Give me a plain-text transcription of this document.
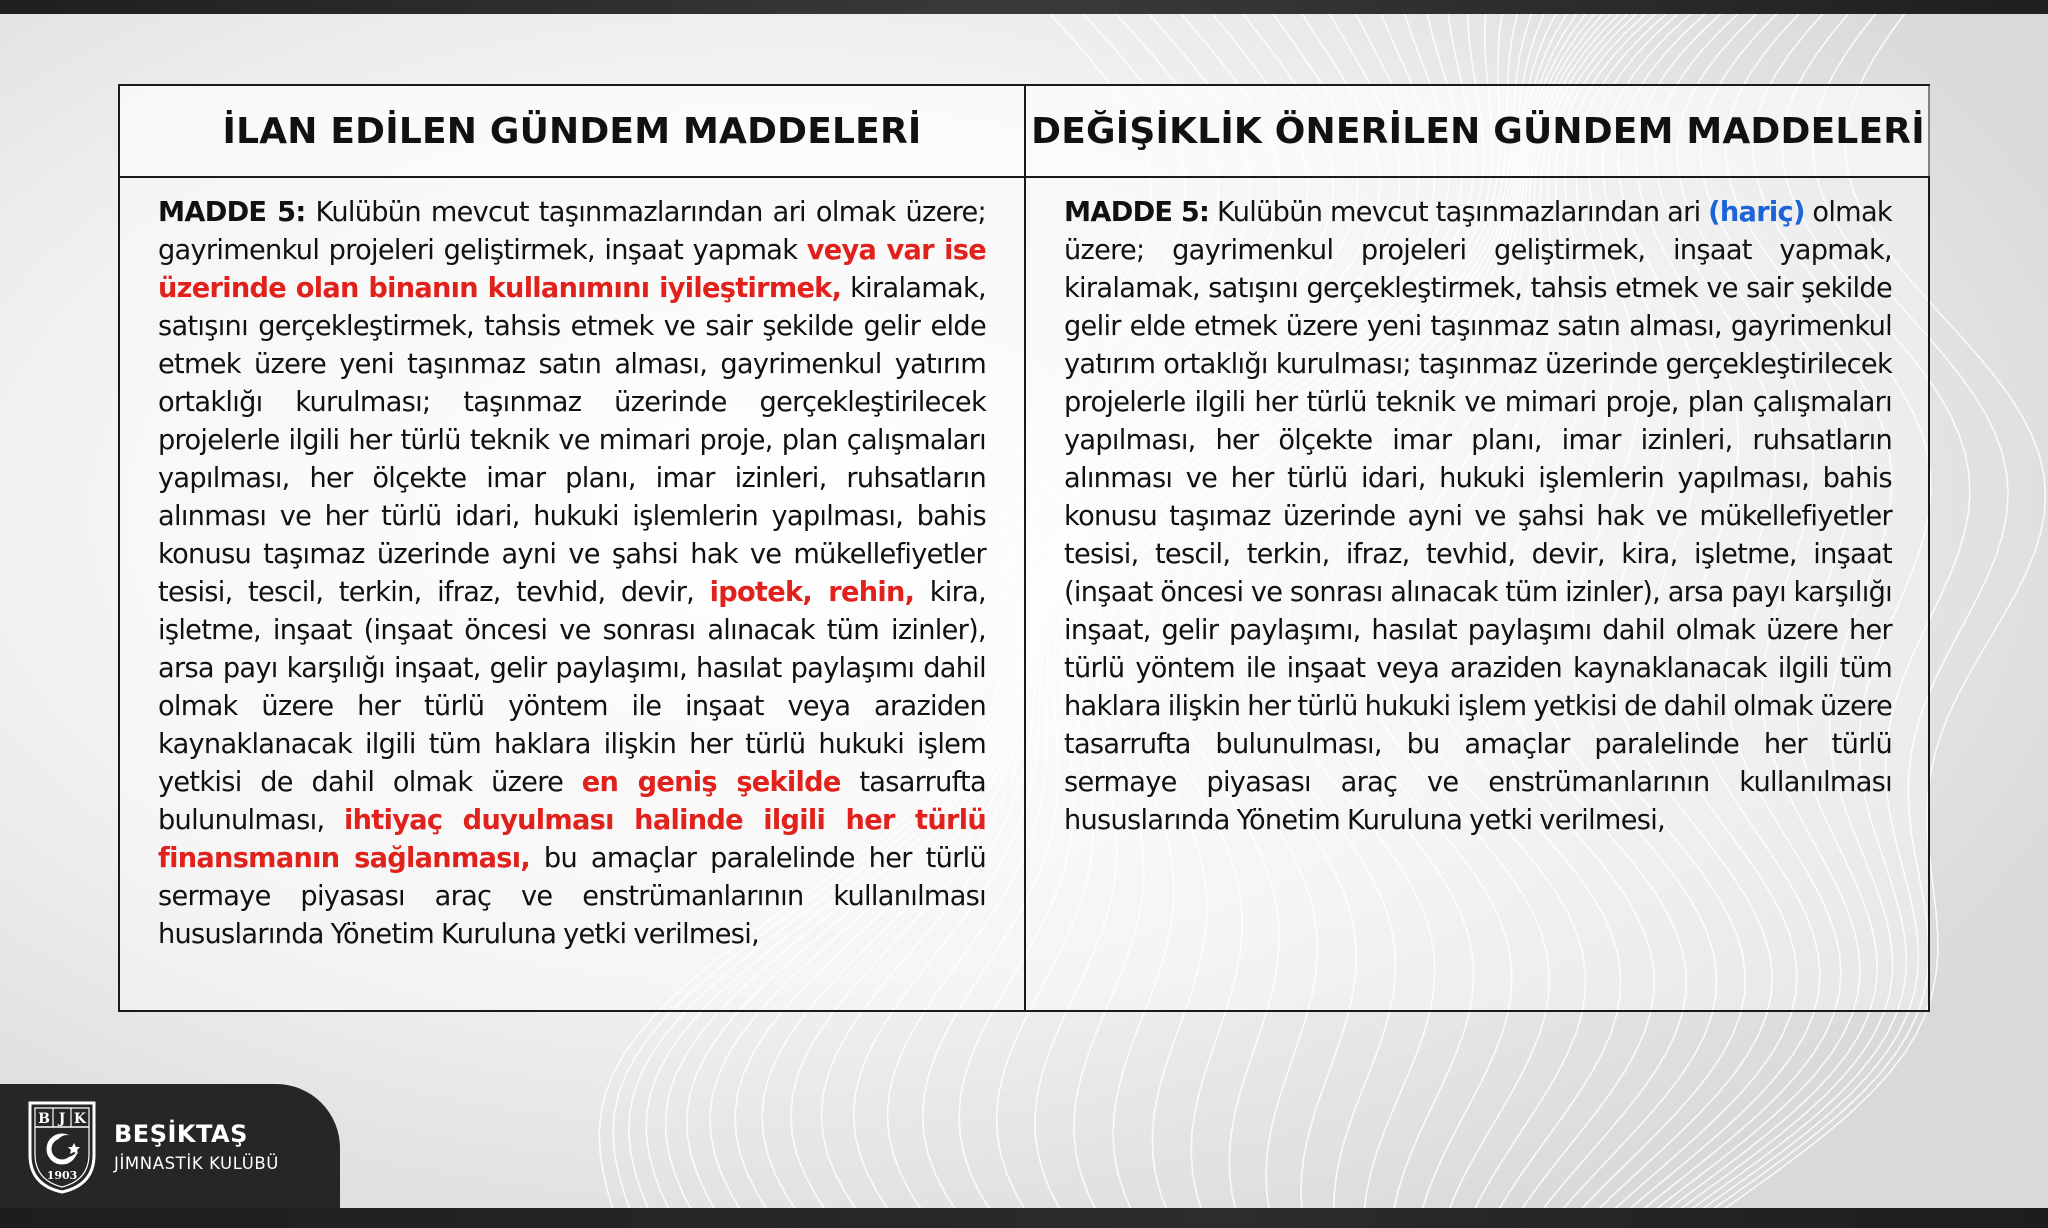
İLAN EDİLEN GÜNDEM MADDELERİ	DEĞİŞİKLİK ÖNERİLEN GÜNDEM MADDELERİ

MADDE 5: Kulübün mevcut taşınmazlarından ari olmak üzere; gayrimenkul projeleri geliştirmek, inşaat yapmak veya var ise üzerinde olan binanın kullanımını iyileştirmek, kiralamak, satışını gerçekleştirmek, tahsis etmek ve sair şekilde gelir elde etmek üzere yeni taşınmaz satın alması, gayrimenkul yatırım ortaklığı kurulması; taşınmaz üzerinde gerçekleştirilecek projelerle ilgili her türlü teknik ve mimari proje, plan çalışmaları yapılması, her ölçekte imar planı, imar izinleri, ruhsatların alınması ve her türlü idari, hukuki işlemlerin yapılması, bahis konusu taşımaz üzerinde ayni ve şahsi hak ve mükellefiyetler tesisi, tescil, terkin, ifraz, tevhid, devir, ipotek, rehin, kira, işletme, inşaat (inşaat öncesi ve sonrası alınacak tüm izinler), arsa payı karşılığı inşaat, gelir paylaşımı, hasılat paylaşımı dahil olmak üzere her türlü yöntem ile inşaat veya araziden kaynaklanacak ilgili tüm haklara ilişkin her türlü hukuki işlem yetkisi de dahil olmak üzere en geniş şekilde tasarrufta bulunulması, ihtiyaç duyulması halinde ilgili her türlü finansmanın sağlanması, bu amaçlar paralelinde her türlü sermaye piyasası araç ve enstrümanlarının kullanılması hususlarında Yönetim Kuruluna yetki verilmesi,

MADDE 5: Kulübün mevcut taşınmazlarından ari (hariç) olmak üzere; gayrimenkul projeleri geliştirmek, inşaat yapmak, kiralamak, satışını gerçekleştirmek, tahsis etmek ve sair şekilde gelir elde etmek üzere yeni taşınmaz satın alması, gayrimenkul yatırım ortaklığı kurulması; taşınmaz üzerinde gerçekleştirilecek projelerle ilgili her türlü teknik ve mimari proje, plan çalışmaları yapılması, her ölçekte imar planı, imar izinleri, ruhsatların alınması ve her türlü idari, hukuki işlemlerin yapılması, bahis konusu taşımaz üzerinde ayni ve şahsi hak ve mükellefiyetler tesisi, tescil, terkin, ifraz, tevhid, devir, kira, işletme, inşaat (inşaat öncesi ve sonrası alınacak tüm izinler), arsa payı karşılığı inşaat, gelir paylaşımı, hasılat paylaşımı dahil olmak üzere her türlü yöntem ile inşaat veya araziden kaynaklanacak ilgili tüm haklara ilişkin her türlü hukuki işlem yetkisi de dahil olmak üzere tasarrufta bulunulması, bu amaçlar paralelinde her türlü sermaye piyasası araç ve enstrümanlarının kullanılması hususlarında Yönetim Kuruluna yetki verilmesi,

B J K
1903
BEŞİKTAŞ
JİMNASTİK KULÜBÜ
